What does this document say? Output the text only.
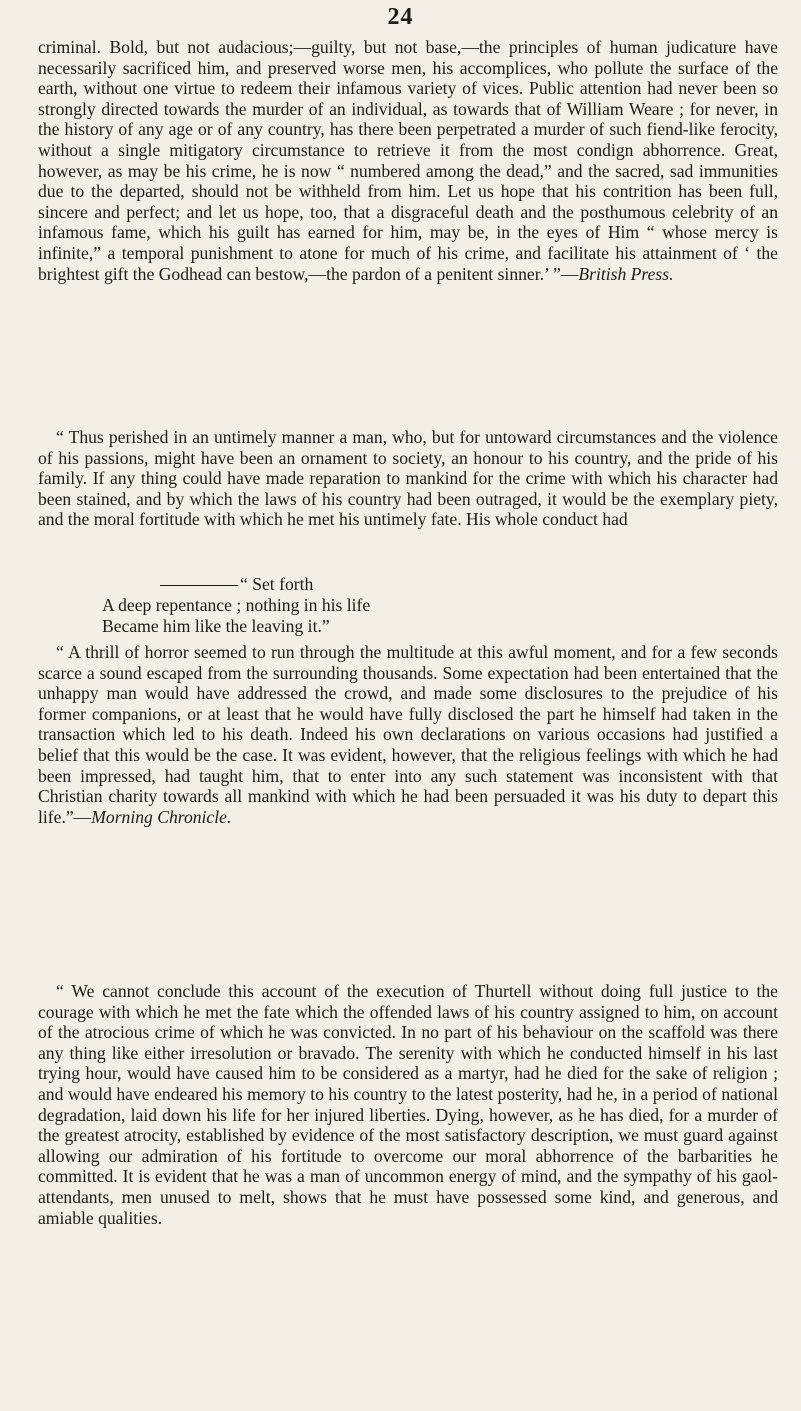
24

criminal. Bold, but not audacious;—guilty, but not base,—the principles of human judicature have necessarily sacrificed him, and preserved worse men, his accomplices, who pollute the surface of the earth, without one virtue to redeem their infamous variety of vices. Public attention had never been so strongly directed towards the murder of an individual, as towards that of William Weare ; for never, in the history of any age or of any country, has there been perpetrated a murder of such fiend-like ferocity, without a single mitigatory circumstance to retrieve it from the most condign abhorrence. Great, however, as may be his crime, he is now “ numbered among the dead,” and the sacred, sad immunities due to the departed, should not be withheld from him. Let us hope that his contrition has been full, sincere and perfect; and let us hope, too, that a disgraceful death and the posthumous celebrity of an infamous fame, which his guilt has earned for him, may be, in the eyes of Him “ whose mercy is infinite,” a temporal punishment to atone for much of his crime, and facilitate his attainment of ‘ the brightest gift the Godhead can bestow,—the pardon of a penitent sinner.’ ”—British Press.

“ Thus perished in an untimely manner a man, who, but for untoward circumstances and the violence of his passions, might have been an ornament to society, an honour to his country, and the pride of his family. If any thing could have made reparation to mankind for the crime with which his character had been stained, and by which the laws of his country had been outraged, it would be the exemplary piety, and the moral fortitude with which he met his untimely fate. His whole conduct had

“ Set forth
A deep repentance ; nothing in his life
Became him like the leaving it.”

“ A thrill of horror seemed to run through the multitude at this awful moment, and for a few seconds scarce a sound escaped from the surrounding thousands. Some expectation had been entertained that the unhappy man would have addressed the crowd, and made some disclosures to the prejudice of his former companions, or at least that he would have fully disclosed the part he himself had taken in the transaction which led to his death. Indeed his own declarations on various occasions had justified a belief that this would be the case. It was evident, however, that the religious feelings with which he had been impressed, had taught him, that to enter into any such statement was inconsistent with that Christian charity towards all mankind with which he had been persuaded it was his duty to depart this life.”—Morning Chronicle.

“ We cannot conclude this account of the execution of Thurtell without doing full justice to the courage with which he met the fate which the offended laws of his country assigned to him, on account of the atrocious crime of which he was convicted. In no part of his behaviour on the scaffold was there any thing like either irresolution or bravado. The serenity with which he conducted himself in his last trying hour, would have caused him to be considered as a martyr, had he died for the sake of religion ; and would have endeared his memory to his country to the latest posterity, had he, in a period of national degradation, laid down his life for her injured liberties. Dying, however, as he has died, for a murder of the greatest atrocity, established by evidence of the most satisfactory description, we must guard against allowing our admiration of his fortitude to overcome our moral abhorrence of the barbarities he committed. It is evident that he was a man of uncommon energy of mind, and the sympathy of his gaol-attendants, men unused to melt, shows that he must have possessed some kind, and generous, and amiable qualities.
